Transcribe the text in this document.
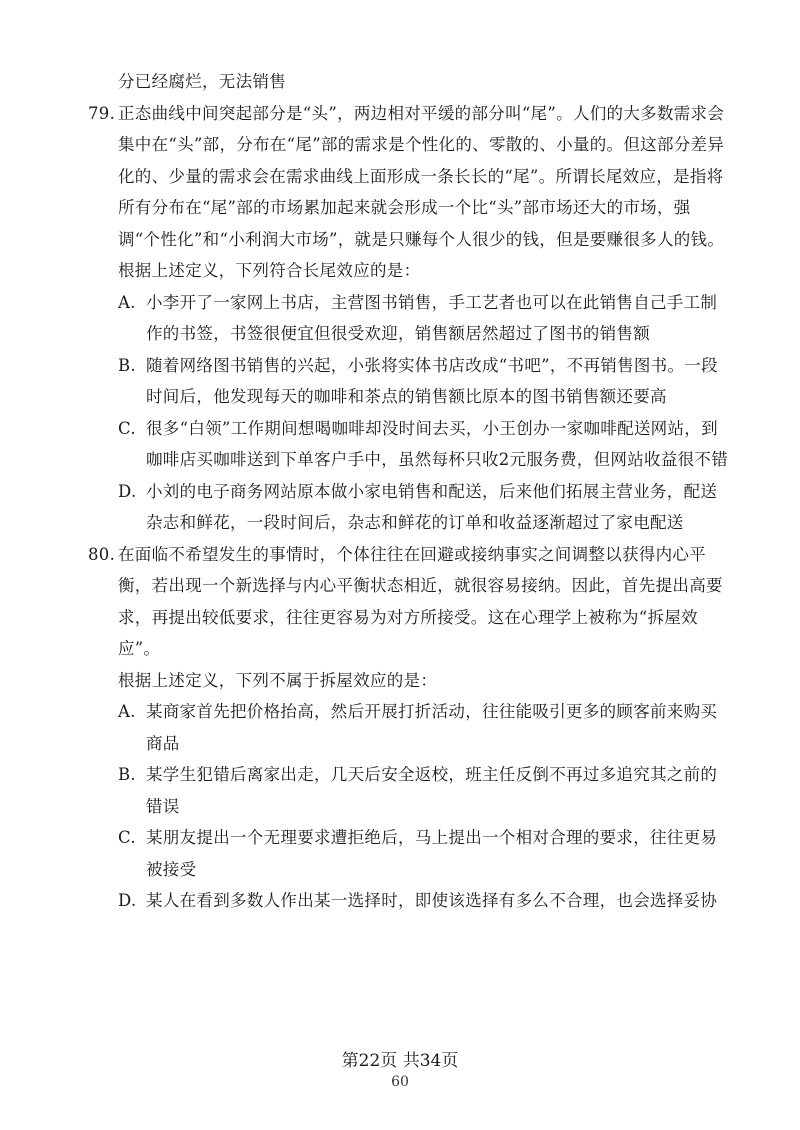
分已经腐烂，无法销售
79. 正态曲线中间突起部分是“头”，两边相对平缓的部分叫“尾”。人们的大多数需求会集中在“头”部，分布在“尾”部的需求是个性化的、零散的、小量的。但这部分差异化的、少量的需求会在需求曲线上面形成一条长长的“尾”。所谓长尾效应，是指将所有分布在“尾”部的市场累加起来就会形成一个比“头”部市场还大的市场，强调“个性化”和“小利润大市场”，就是只赚每个人很少的钱，但是要赚很多人的钱。
根据上述定义，下列符合长尾效应的是：
A. 小李开了一家网上书店，主营图书销售，手工艺者也可以在此销售自己手工制作的书签，书签很便宜但很受欢迎，销售额居然超过了图书的销售额
B. 随着网络图书销售的兴起，小张将实体书店改成“书吧”，不再销售图书。一段时间后，他发现每天的咖啡和茶点的销售额比原本的图书销售额还要高
C. 很多“白领”工作期间想喝咖啡却没时间去买，小王创办一家咖啡配送网站，到咖啡店买咖啡送到下单客户手中，虽然每杯只收2元服务费，但网站收益很不错
D. 小刘的电子商务网站原本做小家电销售和配送，后来他们拓展主营业务，配送杂志和鲜花，一段时间后，杂志和鲜花的订单和收益逐渐超过了家电配送
80. 在面临不希望发生的事情时，个体往往在回避或接纳事实之间调整以获得内心平衡，若出现一个新选择与内心平衡状态相近，就很容易接纳。因此，首先提出高要求，再提出较低要求，往往更容易为对方所接受。这在心理学上被称为“拆屋效应”。
根据上述定义，下列不属于拆屋效应的是：
A. 某商家首先把价格抬高，然后开展打折活动，往往能吸引更多的顾客前来购买商品
B. 某学生犯错后离家出走，几天后安全返校，班主任反倒不再过多追究其之前的错误
C. 某朋友提出一个无理要求遭拒绝后，马上提出一个相对合理的要求，往往更易被接受
D. 某人在看到多数人作出某一选择时，即使该选择有多么不合理，也会选择妥协
第22页 共34页
60
